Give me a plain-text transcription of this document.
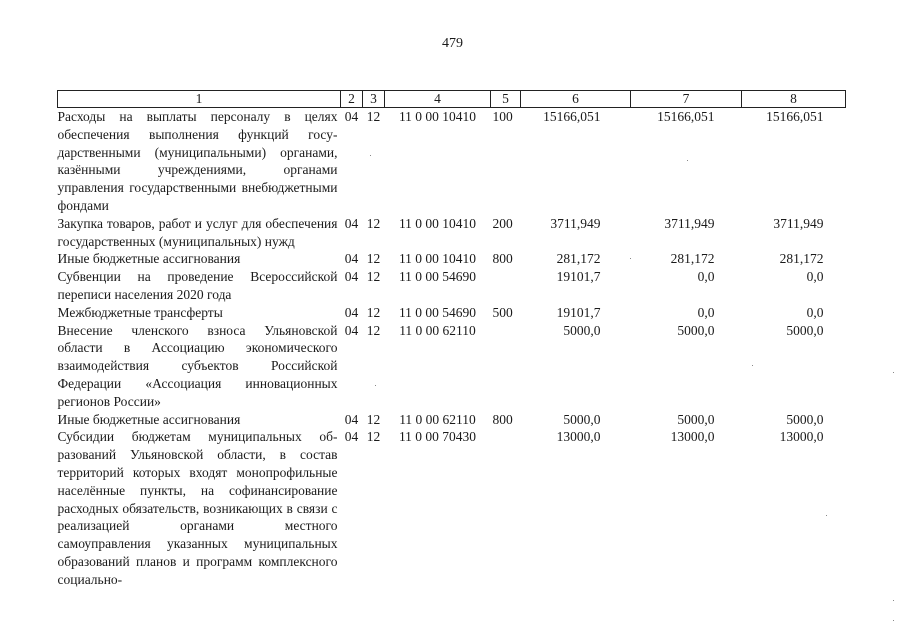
479
1	2	3	4	5	6	7	8
Расходы на выплаты персоналу в целях обеспечения выполнения функций государственными (муниципальными) органами, казёнными учреждениями, органами управления государственными внебюджетными фондами	04	12	11 0 00 10410	100	15166,051	15166,051	15166,051
Закупка товаров, работ и услуг для обеспечения государственных (муниципальных) нужд	04	12	11 0 00 10410	200	3711,949	3711,949	3711,949
Иные бюджетные ассигнования	04	12	11 0 00 10410	800	281,172	281,172	281,172
Субвенции на проведение Всероссийской переписи населения 2020 года	04	12	11 0 00 54690		19101,7	0,0	0,0
Межбюджетные трансферты	04	12	11 0 00 54690	500	19101,7	0,0	0,0
Внесение членского взноса Ульяновской области в Ассоциацию экономического взаимодействия субъектов Российской Федерации «Ассоциация инновационных регионов России»	04	12	11 0 00 62110		5000,0	5000,0	5000,0
Иные бюджетные ассигнования	04	12	11 0 00 62110	800	5000,0	5000,0	5000,0
Субсидии бюджетам муниципальных образований Ульяновской области, в состав территорий которых входят монопрофильные населённые пункты, на софинансирование расходных обязательств, возникающих в связи с реализацией органами местного самоуправления указанных муниципальных образований планов и программ комплексного социально-	04	12	11 0 00 70430		13000,0	13000,0	13000,0
